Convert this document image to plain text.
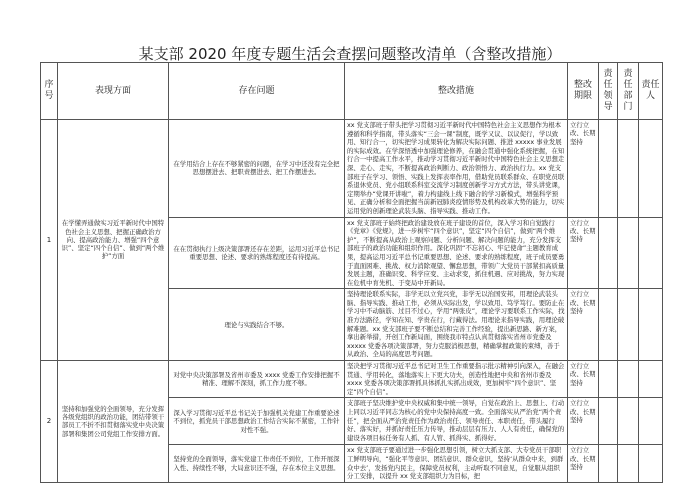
某支部 2020 年度专题生活会查摆问题整改清单（含整改措施）
序号	表现方面	存在问题	整改措施	整改期限	责任领导	责任部门	责任人
1	在学懂弄通做实习近平新时代中国特色社会主义思想、把握正确政治方向、提高政治能力、增强“四个意识”、坚定“四个自信”、做到“两个维护”方面	在学用结合上存在不够紧密的问题，在学习中还没有完全把思想摆进去、把职责摆进去、把工作摆进去。	xx 党支部班子带头把学习贯彻习近平新时代中国特色社会主义思想作为根本遵循和科学指南，带头落实“三会一课”制度，既学又议、以议促行，学以致用、知行合一，切实把学习成果转化为解决实际问题、推进 xxxxx 事业发展的实际成效。在学深悟透中加强理论修养，在融会贯通中强化系统把握，在知行合一中提高工作水平，推动学习贯彻习近平新时代中国特色社会主义思想走深、走心、走实，不断提高政治判断力、政治领悟力、政治执行力。xx 党支部班子在学习、领悟、实践上发挥表率作用，借助党员联系群众、在职党员联系退休党员、党小组联系科室交流学习制度创新学习方式方法，带头讲党课，定期举办“党课开讲啦”，着力构建线上线下融合的学习新模式，增强科学预见、正确分析和全面把握当前新冠肺炎疫情形势及机构改革大势的能力，切实运用党的创新理论武装头脑、指导实践、推动工作。	立行立改、长期坚持			
		在在贯彻执行上级决策部署还存在差距，运用习近平总书记重要思想、论述、要求的熟练程度还有待提高。	xx 党支部班子始终把政治建设放在班子建设的首位，深入学习和自觉践行《党章》《党规》，进一步树牢“四个意识”，坚定“四个自信”，做到“两个维护”，不断提高从政治上观察问题、分析问题、解决问题的能力，充分发挥支部班子的政治功能和组织作用。深化巩固“不忘初心、牢记使命”主题教育成果，提高运用习近平总书记重要思想、论述、要求的熟练程度，班子成员要勇于直面困难、挑战、权力消除观望、懈怠思想，带领广大党员干部紧扣高质量发展主题，准确识变、科学应变、主动求变，抓住机遇、应对挑战，努力实现在危机中育先机、于变局中开新局。	立行立改、长期坚持			
		理论与实践结合不够。	坚持理论联系实际，非学无以立党兴党，非学无以治国安邦，用理论武装头脑、指导实践、推动工作，必须从实际出发，学以致用、笃学笃行。要防止在学习中不动脑筋、过目不过心，学用“两张皮”，理论学习要联系工作实际，找准方法路径，学知在知、学贵在行，行藏得法。用理论来指导实践，用理论破解难题。xx 党支部班子要不断总结和完善工作经验，提出新思路、新方案，拿出新举措，开创工作新局面，围绕我市特点认真贯彻落实省州市党委及 xxxxx 党委各项决策部署，努力克服消极思想，精确掌握政策的束缚，善于从政治、全局的高度思考问题。	立行立改、长期坚持			
2	坚持和加强党的全面领导，充分发挥各级党组织的政治功能，团结带领干部员工不折不扣贯彻落实党中央决策部署和集团公司党组工作安排方面。	对党中央决策部署及省州市委及 xxxx 党委工作安排把握不精准、理解不深刻，抓工作力度不够。	坚决把学习贯彻习近平总书记对卫生工作重要指示批示精神引向深入，在融会贯通、学用转化，落地落实上下更大功夫，创造性地把中央和省州市委及 xxxx 党委各项决策部署抓具体抓扎实抓出成效，更加树牢“四个意识”、坚定“四个自信”。	立行立改、长期坚持			
		深入学习贯彻习近平总书记关于加强机关党建工作重要论述不到位，抓党员干部思想政治工作结合实际不紧密，工作针对性不强。	支部班子坚决维护党中央权威和集中统一领导，自觉在政治上、思想上、行动上同以习近平同志为核心的党中央保持高度一致。全面落实从严治党“两个责任”，把全面从严治党责任作为政治责任、领导责任、本职责任，带头履行好、落实好，并抓好责任压力传导，推动层层有压力、人人有责任，确保党的建设各项目标任务有人抓、有人管、抓得实、抓得好。	立行立改、长期坚持			
		坚持党的全面领导，落实党建工作责任不到位，工作开展深入性、持续性不够，大局意识还不强，存在本位主义思想。	xx 党支部班子要通过进一步强化思想引领，树立大抓支部、大专党员干部职工鲜明导向，“强化平等意识、团结意识、群众意识，坚持‘从群众中来，到群众中去’，发扬党内民主，保障党员权利，主动听取不同意见，自觉服从组织分工安排，以提升 xx 党支部组织力为目标，把	立行立改、长期坚持			
